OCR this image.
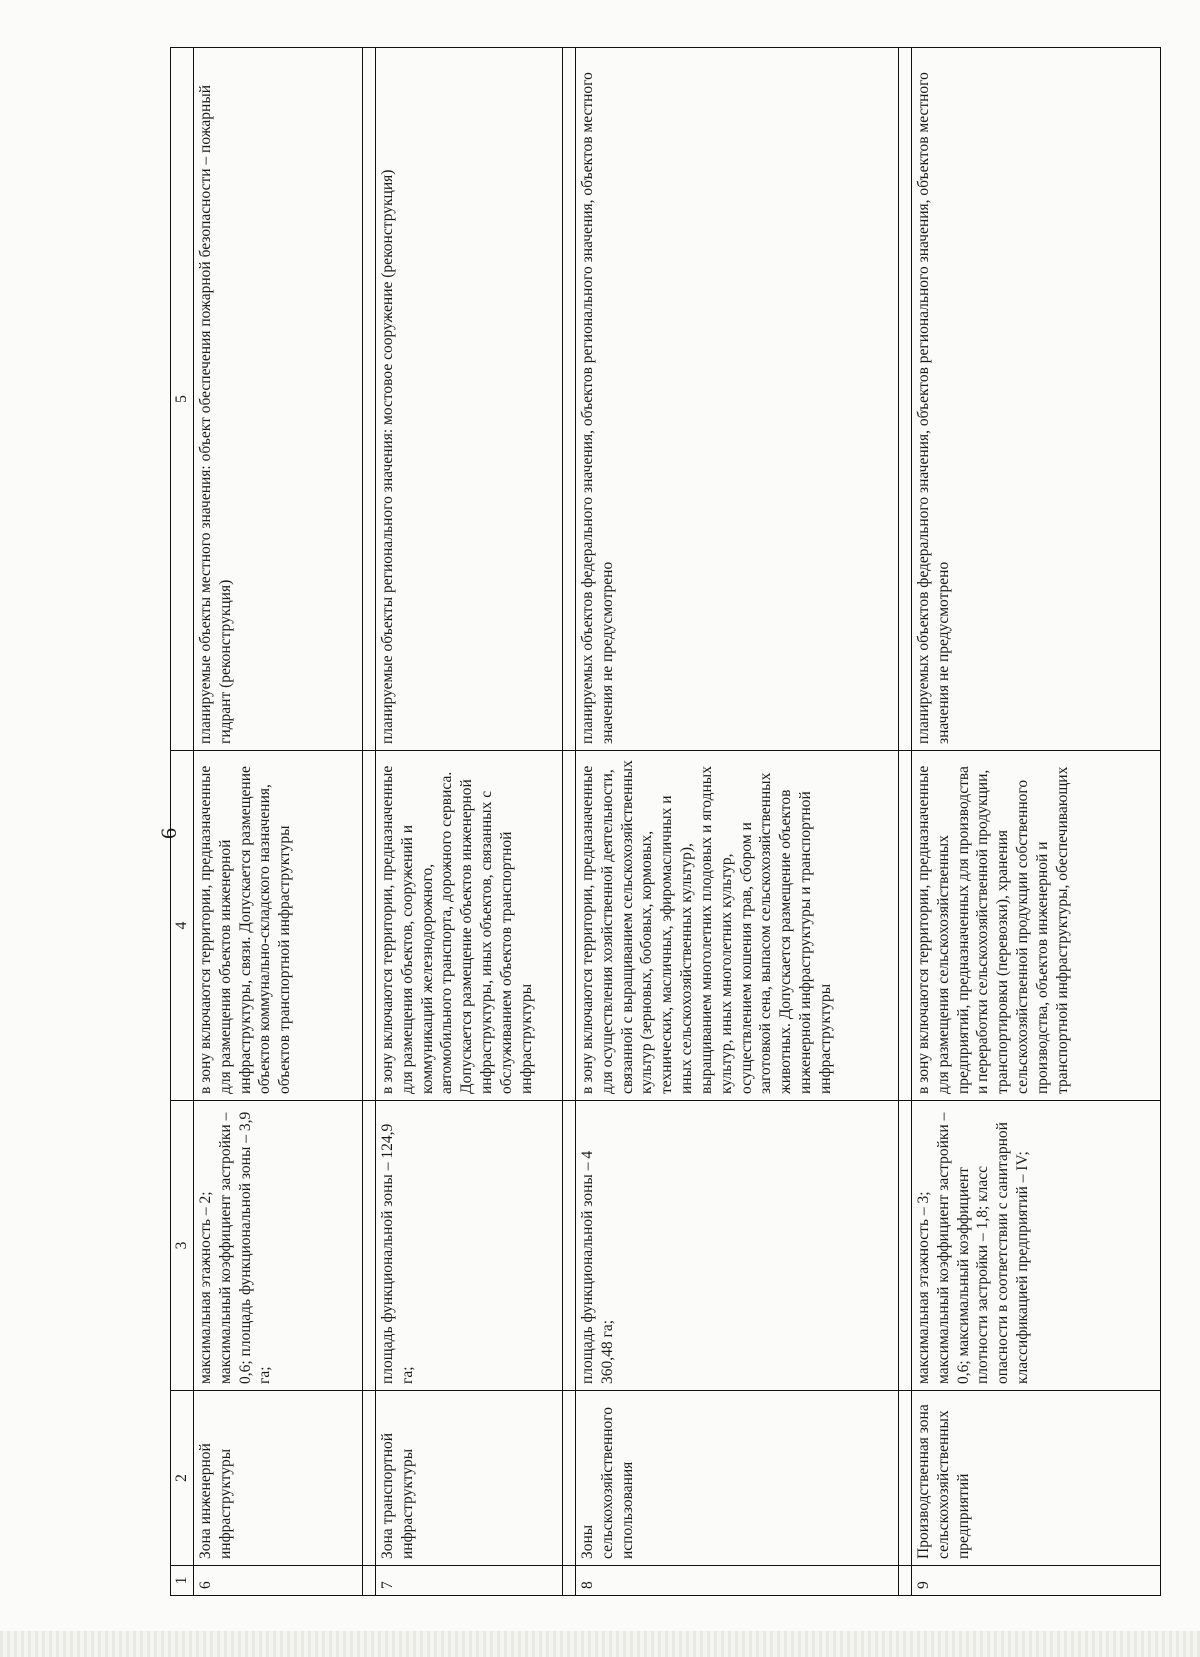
6
1	2	3	4	5
6	Зона инженерной инфраструктуры	максимальная этажность – 2; максимальный коэффициент застройки – 0,6; площадь функциональной зоны – 3,9 га;	в зону включаются территории, предназначенные для размещения объектов инженерной инфраструктуры, связи. Допускается размещение объектов коммунально-складского назначения, объектов транспортной инфраструктуры	планируемые объекты местного значения: объект обеспечения пожарной безопасности – пожарный гидрант (реконструкция)

7	Зона транспортной инфраструктуры	площадь функциональной зоны – 124,9 га;	в зону включаются территории, предназначенные для размещения объектов, сооружений и коммуникаций железнодорожного, автомобильного транспорта, дорожного сервиса. Допускается размещение объектов инженерной инфраструктуры, иных объектов, связанных с обслуживанием объектов транспортной инфраструктуры	планируемые объекты регионального значения: мостовое сооружение (реконструкция)

8	Зоны сельскохозяйственного использования	площадь функциональной зоны – 4 360,48 га;	в зону включаются территории, предназначенные для осуществления хозяйственной деятельности, связанной с выращиванием сельскохозяйственных культур (зерновых, бобовых, кормовых, технических, масличных, эфиромасличных и иных сельскохозяйственных культур), выращиванием многолетних плодовых и ягодных культур, иных многолетних культур, осуществлением кошения трав, сбором и заготовкой сена, выпасом сельскохозяйственных животных. Допускается размещение объектов инженерной инфраструктуры и транспортной инфраструктуры	планируемых объектов федерального значения, объектов регионального значения, объектов местного значения не предусмотрено

9	Производственная зона сельскохозяйственных предприятий	максимальная этажность – 3; максимальный коэффициент застройки – 0,6; максимальный коэффициент плотности застройки – 1,8; класс опасности в соответствии с санитарной классификацией предприятий – IV;	в зону включаются территории, предназначенные для размещения сельскохозяйственных предприятий, предназначенных для производства и переработки сельскохозяйственной продукции, транспортировки (перевозки), хранения сельскохозяйственной продукции собственного производства, объектов инженерной и транспортной инфраструктуры, обеспечивающих	планируемых объектов федерального значения, объектов регионального значения, объектов местного значения не предусмотрено
